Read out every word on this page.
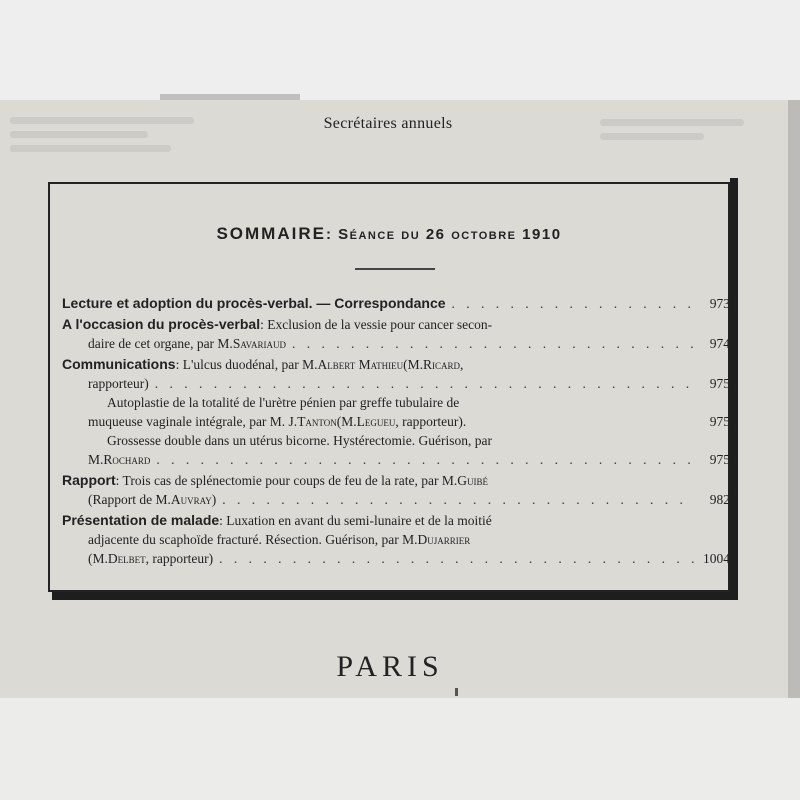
Secrétaires annuels
SOMMAIRE: Séance du 26 octobre 1910
Lecture et adoption du procès-verbal. — Correspondance . . .	973
A l'occasion du procès-verbal : Exclusion de la vessie pour cancer secon-
daire de cet organe, par M. Savariaud . . .	974
Communications : L'ulcus duodénal, par M. Albert Mathieu (M. Ricard ,
rapporteur) . . .	975
Autoplastie de la totalité de l'urètre pénien par greffe tubulaire de
muqueuse vaginale intégrale, par M. J. Tanton (M. Legueu , rapporteur).	975
Grossesse double dans un utérus bicorne. Hystérectomie. Guérison, par
M. Rochard . . .	975
Rapport : Trois cas de splénectomie pour coups de feu de la rate, par M. Guibé
(Rapport de M. Auvray ) . . .	982
Présentation de malade : Luxation en avant du semi-lunaire et de la moitié
adjacente du scaphoïde fracturé. Résection. Guérison, par M. Dujarrier
(M. Delbet , rapporteur) . . .	1004
PARIS
